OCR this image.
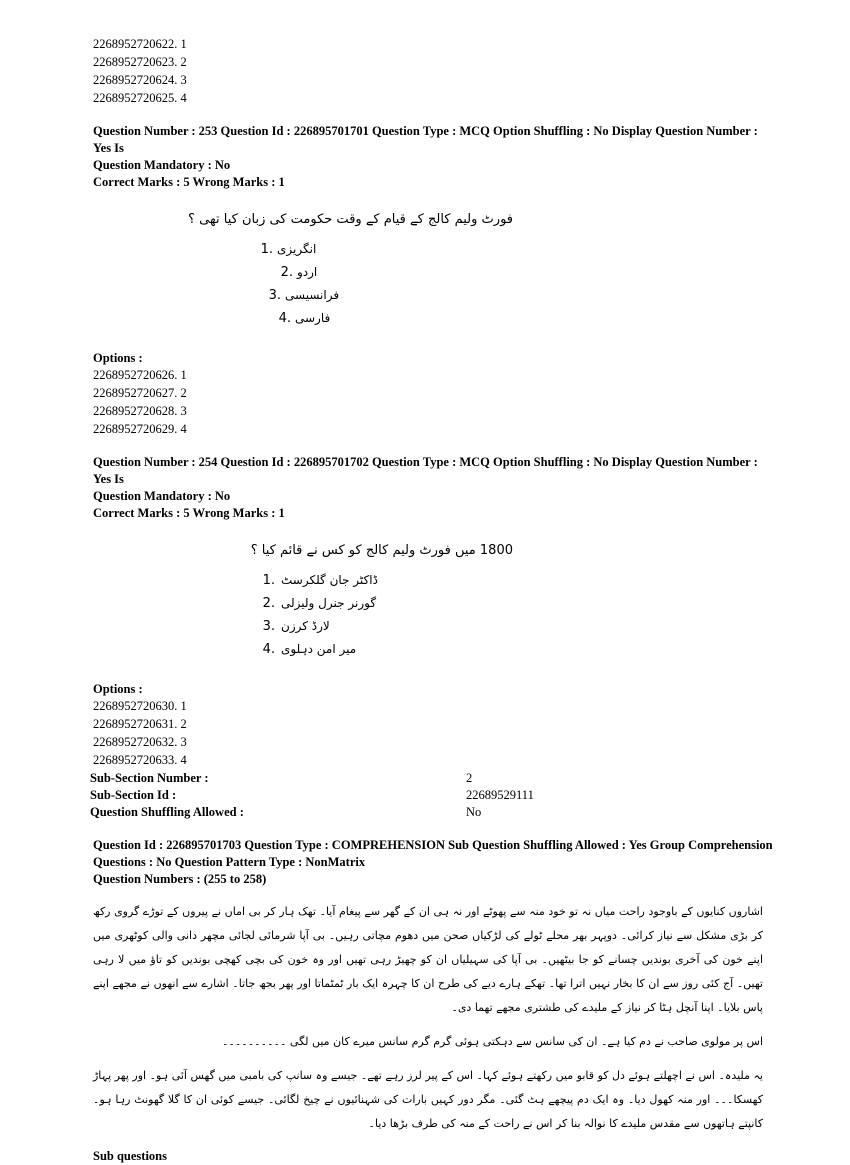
2268952720622. 1
2268952720623. 2
2268952720624. 3
2268952720625. 4
Question Number : 253 Question Id : 226895701701 Question Type : MCQ Option Shuffling : No Display Question Number : Yes Is
Question Mandatory : No
Correct Marks : 5 Wrong Marks : 1
فورٹ ولیم کالج کے قیام کے وقت حکومت کی زبان کیا تھی ؟
1. انگریزی
2. اردو
3. فرانسیسی
4. فارسی
Options :
2268952720626. 1
2268952720627. 2
2268952720628. 3
2268952720629. 4
Question Number : 254 Question Id : 226895701702 Question Type : MCQ Option Shuffling : No Display Question Number : Yes Is
Question Mandatory : No
Correct Marks : 5 Wrong Marks : 1
1800 میں فورٹ ولیم کالج کو کس نے قائم کیا ؟
1. ڈاکٹر جان گلکرسٹ
2. گورنر جنرل ولیزلی
3. لارڈ کرزن
4. میر امن دہلوی
Options :
2268952720630. 1
2268952720631. 2
2268952720632. 3
2268952720633. 4
Sub-Section Number :	2
Sub-Section Id :	22689529111
Question Shuffling Allowed :	No
Question Id : 226895701703 Question Type : COMPREHENSION Sub Question Shuffling Allowed : Yes Group Comprehension
Questions : No Question Pattern Type : NonMatrix
Question Numbers : (255 to 258)

اشاروں کنایوں کے باوجود راحت میاں نہ تو خود منہ سے پھوٹے اور نہ ہی ان کے گھر سے پیغام آیا۔ تھک ہار کر بی اماں نے پیروں کے توڑے گروی رکھ کر بڑی مشکل سے نیاز کرائی۔ دوپہر بھر محلے ٹولے کی لڑکیاں صحن میں دھوم مچاتی رہیں۔ بی آپا شرمائی لجائی مچھر دانی والی کوٹھری میں اپنے خون کی آخری بوندیں چسانے کو جا بیٹھیں۔ بی آپا کی سہیلیاں ان کو چھیڑ رہی تھیں اور وہ خون کی بچی کھچی بوندیں کو تاؤ میں لا رہی تھیں۔ آج کئی روز سے ان کا بخار نہیں اترا تھا۔ تھکے ہارے دیے کی طرح ان کا چہرہ ایک بار ٹمٹماتا اور پھر بجھ جاتا۔ اشارے سے انھوں نے مجھے اپنے پاس بلایا۔ اپنا آنچل ہٹا کر نیاز کے ملیدے کی طشتری مجھے تھما دی۔

اس پر مولوی صاحب نے دم کیا ہے۔ ان کی سانس سے دہکتی ہوئی گرم گرم سانس میرے کان میں لگی ۔۔۔۔۔۔۔۔۔۔

یہ ملیدہ۔ اس نے اچھلتے ہوئے دل کو قابو میں رکھتے ہوئے کہا۔ اس کے پیر لرز رہے تھے۔ جیسے وہ سانپ کی بامبی میں گھس آئی ہو۔ اور پھر پہاڑ کھسکا۔۔۔ اور منہ کھول دیا۔ وہ ایک دم پیچھے ہٹ گئی۔ مگر دور کہیں بارات کی شہنائیوں نے چیخ لگائی۔ جیسے کوئی ان کا گلا گھونٹ رہا ہو۔ کانپتے ہاتھوں سے مقدس ملیدے کا نوالہ بنا کر اس نے راحت کے منہ کی طرف بڑھا دیا۔

Sub questions
